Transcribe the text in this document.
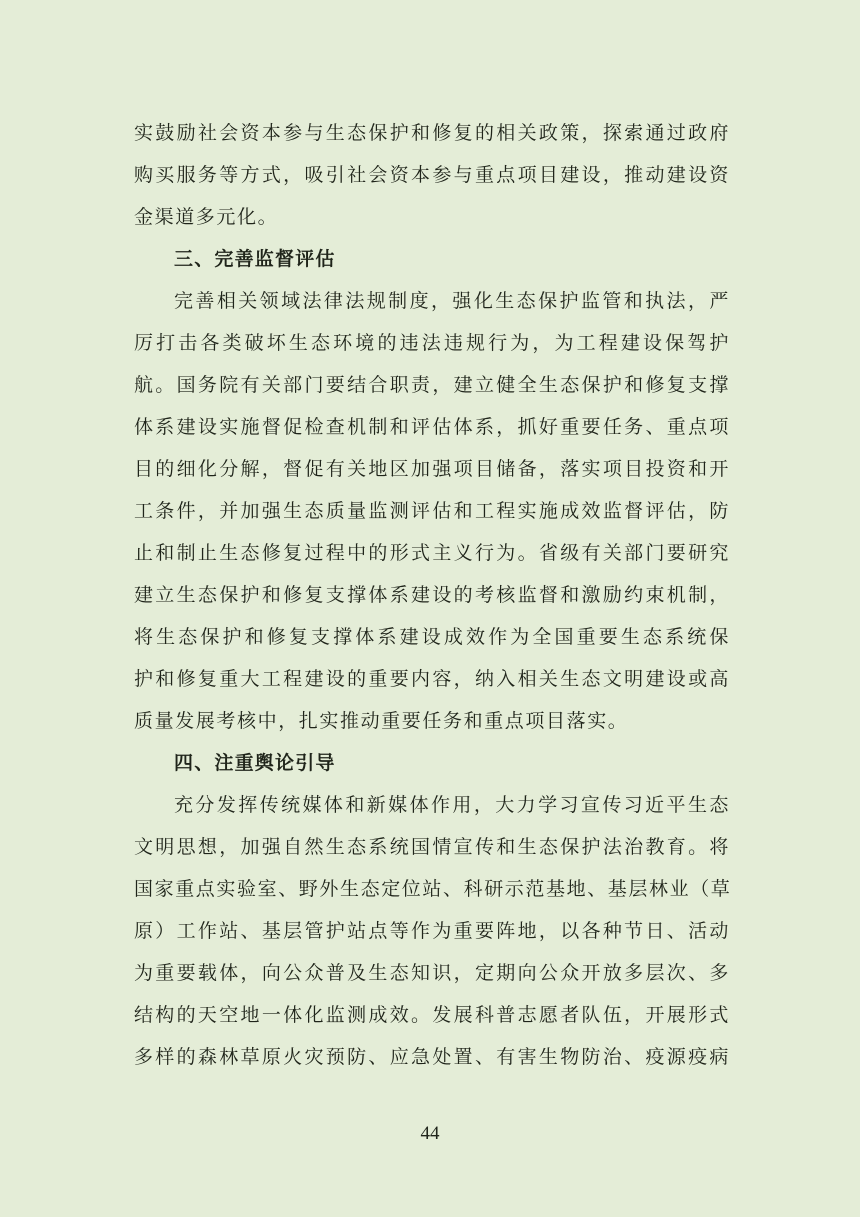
实鼓励社会资本参与生态保护和修复的相关政策，探索通过政府
购买服务等方式，吸引社会资本参与重点项目建设，推动建设资
金渠道多元化。
三、完善监督评估
完善相关领域法律法规制度，强化生态保护监管和执法，严
厉打击各类破坏生态环境的违法违规行为，为工程建设保驾护
航。国务院有关部门要结合职责，建立健全生态保护和修复支撑
体系建设实施督促检查机制和评估体系，抓好重要任务、重点项
目的细化分解，督促有关地区加强项目储备，落实项目投资和开
工条件，并加强生态质量监测评估和工程实施成效监督评估，防
止和制止生态修复过程中的形式主义行为。省级有关部门要研究
建立生态保护和修复支撑体系建设的考核监督和激励约束机制，
将生态保护和修复支撑体系建设成效作为全国重要生态系统保
护和修复重大工程建设的重要内容，纳入相关生态文明建设或高
质量发展考核中，扎实推动重要任务和重点项目落实。
四、注重舆论引导
充分发挥传统媒体和新媒体作用，大力学习宣传习近平生态
文明思想，加强自然生态系统国情宣传和生态保护法治教育。将
国家重点实验室、野外生态定位站、科研示范基地、基层林业（草
原）工作站、基层管护站点等作为重要阵地，以各种节日、活动
为重要载体，向公众普及生态知识，定期向公众开放多层次、多
结构的天空地一体化监测成效。发展科普志愿者队伍，开展形式
多样的森林草原火灾预防、应急处置、有害生物防治、疫源疫病
44
